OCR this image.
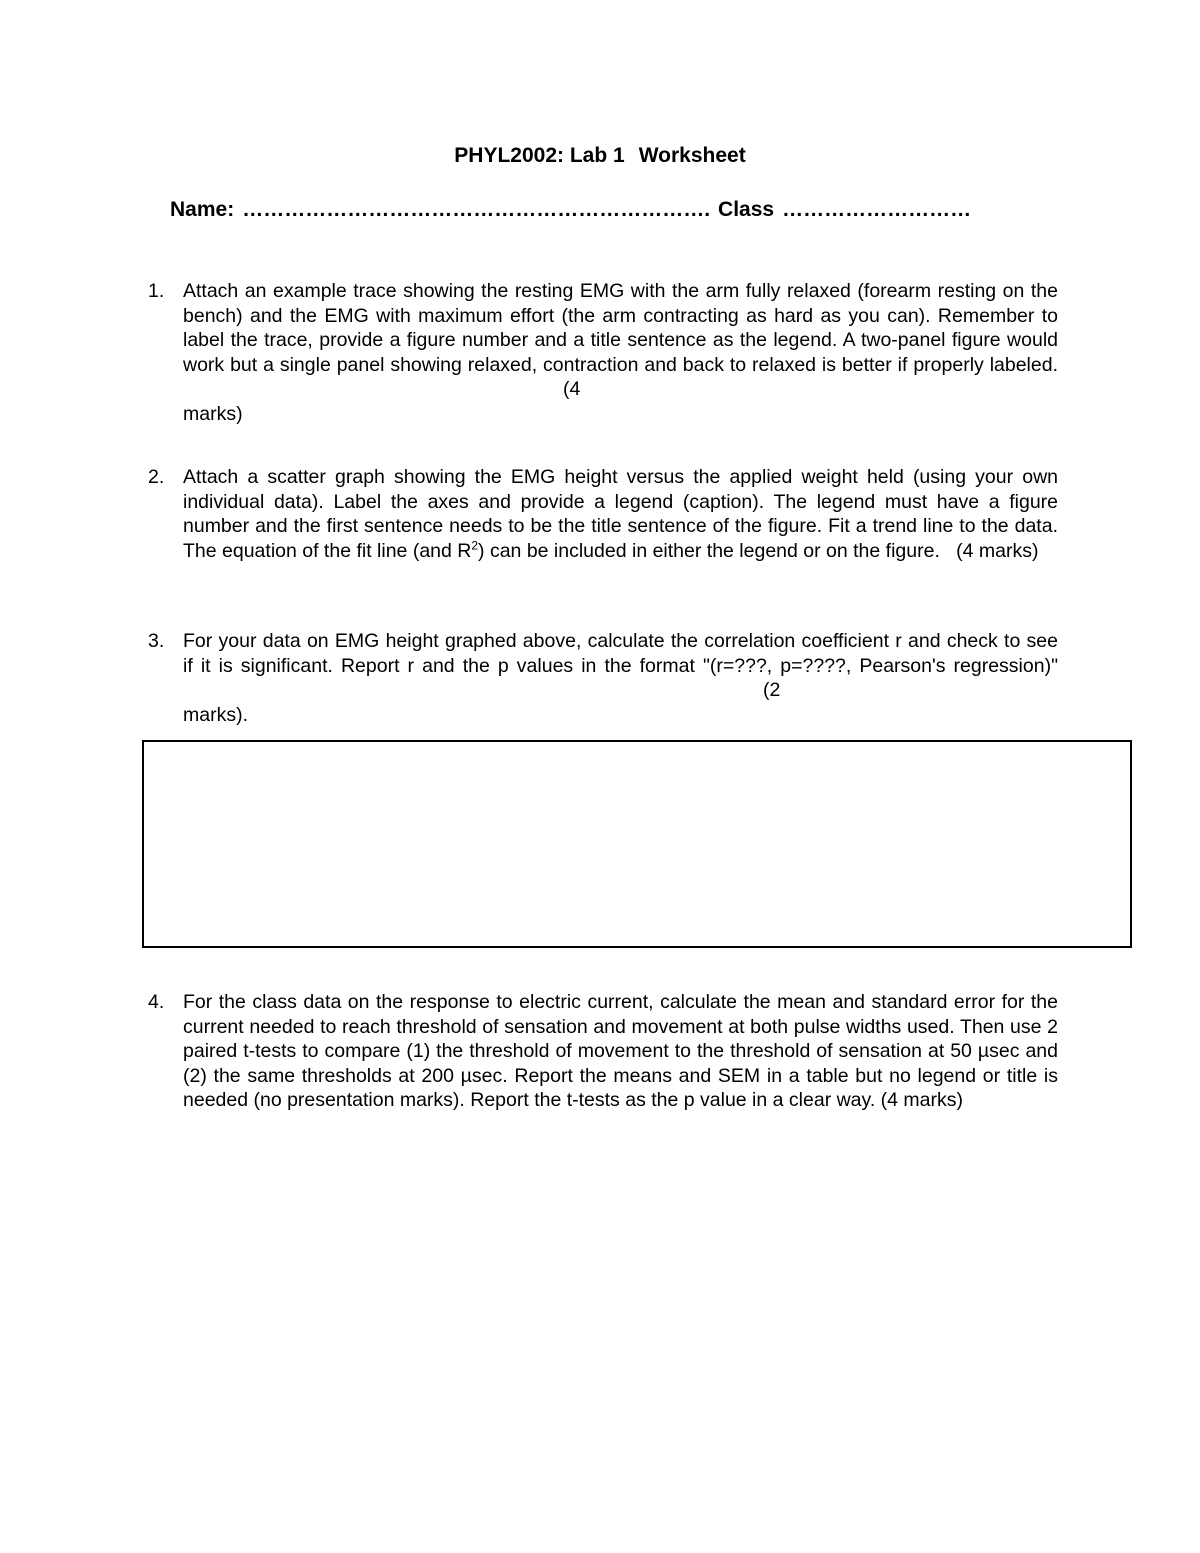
PHYL2002: Lab 1 Worksheet
Name: …………………………………………………………. Class ………………………
1. Attach an example trace showing the resting EMG with the arm fully relaxed (forearm resting on the bench) and the EMG with maximum effort (the arm contracting as hard as you can). Remember to label the trace, provide a figure number and a title sentence as the legend. A two-panel figure would work but a single panel showing relaxed, contraction and back to relaxed is better if properly labeled. (4
marks)
2. Attach a scatter graph showing the EMG height versus the applied weight held (using your own individual data). Label the axes and provide a legend (caption). The legend must have a figure number and the first sentence needs to be the title sentence of the figure. Fit a trend line to the data. The equation of the fit line (and $R^2$) can be included in either the legend or on the figure. (4 marks)
3. For your data on EMG height graphed above, calculate the correlation coefficient r and check to see if it is significant. Report r and the p values in the format "(r=???, p=????, Pearson's regression)" (2
marks).
4. For the class data on the response to electric current, calculate the mean and standard error for the current needed to reach threshold of sensation and movement at both pulse widths used. Then use 2 paired t-tests to compare (1) the threshold of movement to the threshold of sensation at 50 µsec and (2) the same thresholds at 200 µsec. Report the means and SEM in a table but no legend or title is needed (no presentation marks). Report the t-tests as the p value in a clear way. (4 marks)
